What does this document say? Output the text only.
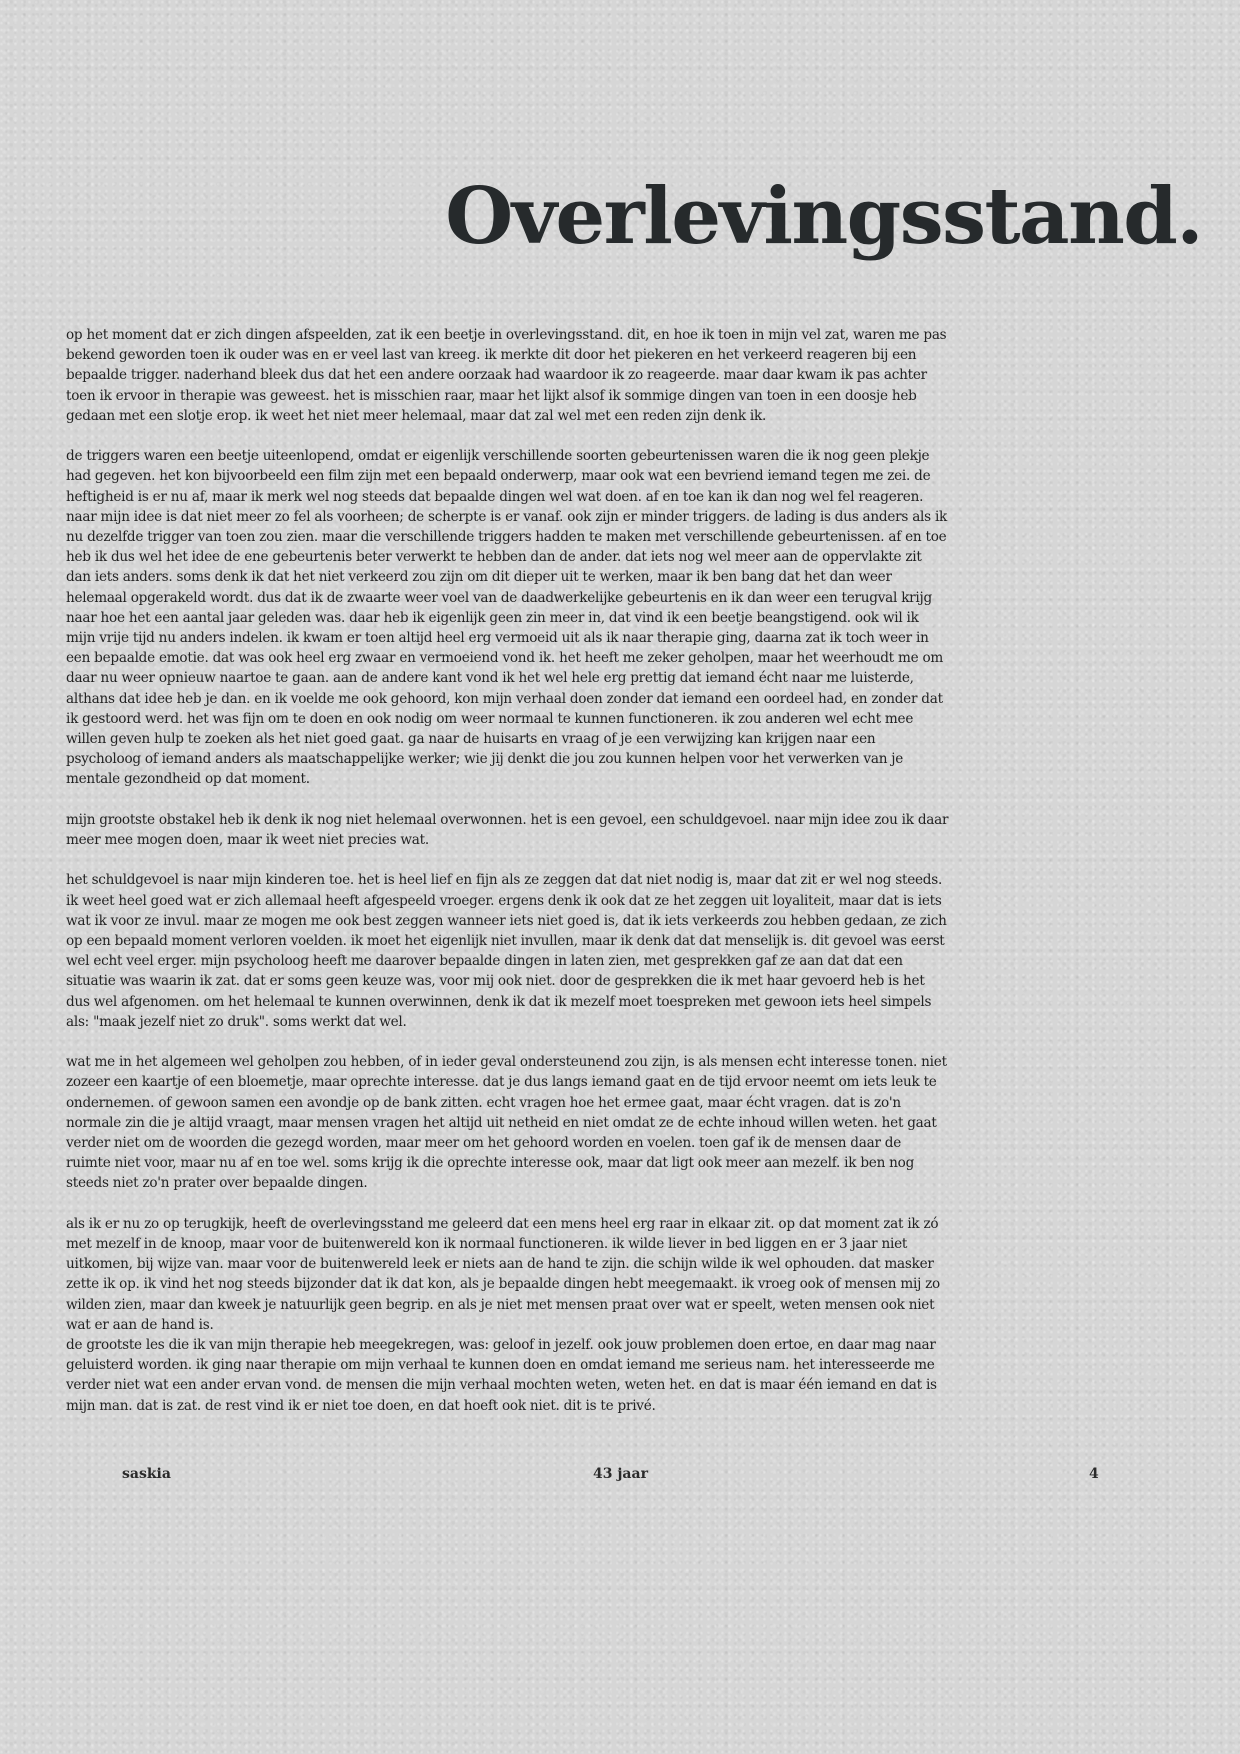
Overlevingsstand.

op het moment dat er zich dingen afspeelden, zat ik een beetje in overlevingsstand. dit, en hoe ik toen in mijn vel zat, waren me pas bekend geworden toen ik ouder was en er veel last van kreeg. ik merkte dit door het piekeren en het verkeerd reageren bij een bepaalde trigger. naderhand bleek dus dat het een andere oorzaak had waardoor ik zo reageerde. maar daar kwam ik pas achter toen ik ervoor in therapie was geweest. het is misschien raar, maar het lijkt alsof ik sommige dingen van toen in een doosje heb gedaan met een slotje erop. ik weet het niet meer helemaal, maar dat zal wel met een reden zijn denk ik.

de triggers waren een beetje uiteenlopend, omdat er eigenlijk verschillende soorten gebeurtenissen waren die ik nog geen plekje had gegeven. het kon bijvoorbeeld een film zijn met een bepaald onderwerp, maar ook wat een bevriend iemand tegen me zei. de heftigheid is er nu af, maar ik merk wel nog steeds dat bepaalde dingen wel wat doen. af en toe kan ik dan nog wel fel reageren. naar mijn idee is dat niet meer zo fel als voorheen; de scherpte is er vanaf. ook zijn er minder triggers. de lading is dus anders als ik nu dezelfde trigger van toen zou zien. maar die verschillende triggers hadden te maken met verschillende gebeurtenissen. af en toe heb ik dus wel het idee de ene gebeurtenis beter verwerkt te hebben dan de ander. dat iets nog wel meer aan de oppervlakte zit dan iets anders. soms denk ik dat het niet verkeerd zou zijn om dit dieper uit te werken, maar ik ben bang dat het dan weer helemaal opgerakeld wordt. dus dat ik de zwaarte weer voel van de daadwerkelijke gebeurtenis en ik dan weer een terugval krijg naar hoe het een aantal jaar geleden was. daar heb ik eigenlijk geen zin meer in, dat vind ik een beetje beangstigend. ook wil ik mijn vrije tijd nu anders indelen. ik kwam er toen altijd heel erg vermoeid uit als ik naar therapie ging, daarna zat ik toch weer in een bepaalde emotie. dat was ook heel erg zwaar en vermoeiend vond ik. het heeft me zeker geholpen, maar het weerhoudt me om daar nu weer opnieuw naartoe te gaan. aan de andere kant vond ik het wel hele erg prettig dat iemand écht naar me luisterde, althans dat idee heb je dan. en ik voelde me ook gehoord, kon mijn verhaal doen zonder dat iemand een oordeel had, en zonder dat ik gestoord werd. het was fijn om te doen en ook nodig om weer normaal te kunnen functioneren. ik zou anderen wel echt mee willen geven hulp te zoeken als het niet goed gaat. ga naar de huisarts en vraag of je een verwijzing kan krijgen naar een psycholoog of iemand anders als maatschappelijke werker; wie jij denkt die jou zou kunnen helpen voor het verwerken van je mentale gezondheid op dat moment.

mijn grootste obstakel heb ik denk ik nog niet helemaal overwonnen. het is een gevoel, een schuldgevoel. naar mijn idee zou ik daar meer mee mogen doen, maar ik weet niet precies wat.

het schuldgevoel is naar mijn kinderen toe. het is heel lief en fijn als ze zeggen dat dat niet nodig is, maar dat zit er wel nog steeds. ik weet heel goed wat er zich allemaal heeft afgespeeld vroeger. ergens denk ik ook dat ze het zeggen uit loyaliteit, maar dat is iets wat ik voor ze invul. maar ze mogen me ook best zeggen wanneer iets niet goed is, dat ik iets verkeerds zou hebben gedaan, ze zich op een bepaald moment verloren voelden. ik moet het eigenlijk niet invullen, maar ik denk dat dat menselijk is. dit gevoel was eerst wel echt veel erger. mijn psycholoog heeft me daarover bepaalde dingen in laten zien, met gesprekken gaf ze aan dat dat een situatie was waarin ik zat. dat er soms geen keuze was, voor mij ook niet. door de gesprekken die ik met haar gevoerd heb is het dus wel afgenomen. om het helemaal te kunnen overwinnen, denk ik dat ik mezelf moet toespreken met gewoon iets heel simpels als: "maak jezelf niet zo druk". soms werkt dat wel.

wat me in het algemeen wel geholpen zou hebben, of in ieder geval ondersteunend zou zijn, is als mensen echt interesse tonen. niet zozeer een kaartje of een bloemetje, maar oprechte interesse. dat je dus langs iemand gaat en de tijd ervoor neemt om iets leuk te ondernemen. of gewoon samen een avondje op de bank zitten. echt vragen hoe het ermee gaat, maar écht vragen. dat is zo'n normale zin die je altijd vraagt, maar mensen vragen het altijd uit netheid en niet omdat ze de echte inhoud willen weten. het gaat verder niet om de woorden die gezegd worden, maar meer om het gehoord worden en voelen. toen gaf ik de mensen daar de ruimte niet voor, maar nu af en toe wel. soms krijg ik die oprechte interesse ook, maar dat ligt ook meer aan mezelf. ik ben nog steeds niet zo'n prater over bepaalde dingen.

als ik er nu zo op terugkijk, heeft de overlevingsstand me geleerd dat een mens heel erg raar in elkaar zit. op dat moment zat ik zó met mezelf in de knoop, maar voor de buitenwereld kon ik normaal functioneren. ik wilde liever in bed liggen en er 3 jaar niet uitkomen, bij wijze van. maar voor de buitenwereld leek er niets aan de hand te zijn. die schijn wilde ik wel ophouden. dat masker zette ik op. ik vind het nog steeds bijzonder dat ik dat kon, als je bepaalde dingen hebt meegemaakt. ik vroeg ook of mensen mij zo wilden zien, maar dan kweek je natuurlijk geen begrip. en als je niet met mensen praat over wat er speelt, weten mensen ook niet wat er aan de hand is.

de grootste les die ik van mijn therapie heb meegekregen, was: geloof in jezelf. ook jouw problemen doen ertoe, en daar mag naar geluisterd worden. ik ging naar therapie om mijn verhaal te kunnen doen en omdat iemand me serieus nam. het interesseerde me verder niet wat een ander ervan vond. de mensen die mijn verhaal mochten weten, weten het. en dat is maar één iemand en dat is mijn man. dat is zat. de rest vind ik er niet toe doen, en dat hoeft ook niet. dit is te privé.

saskia	43 jaar	4
